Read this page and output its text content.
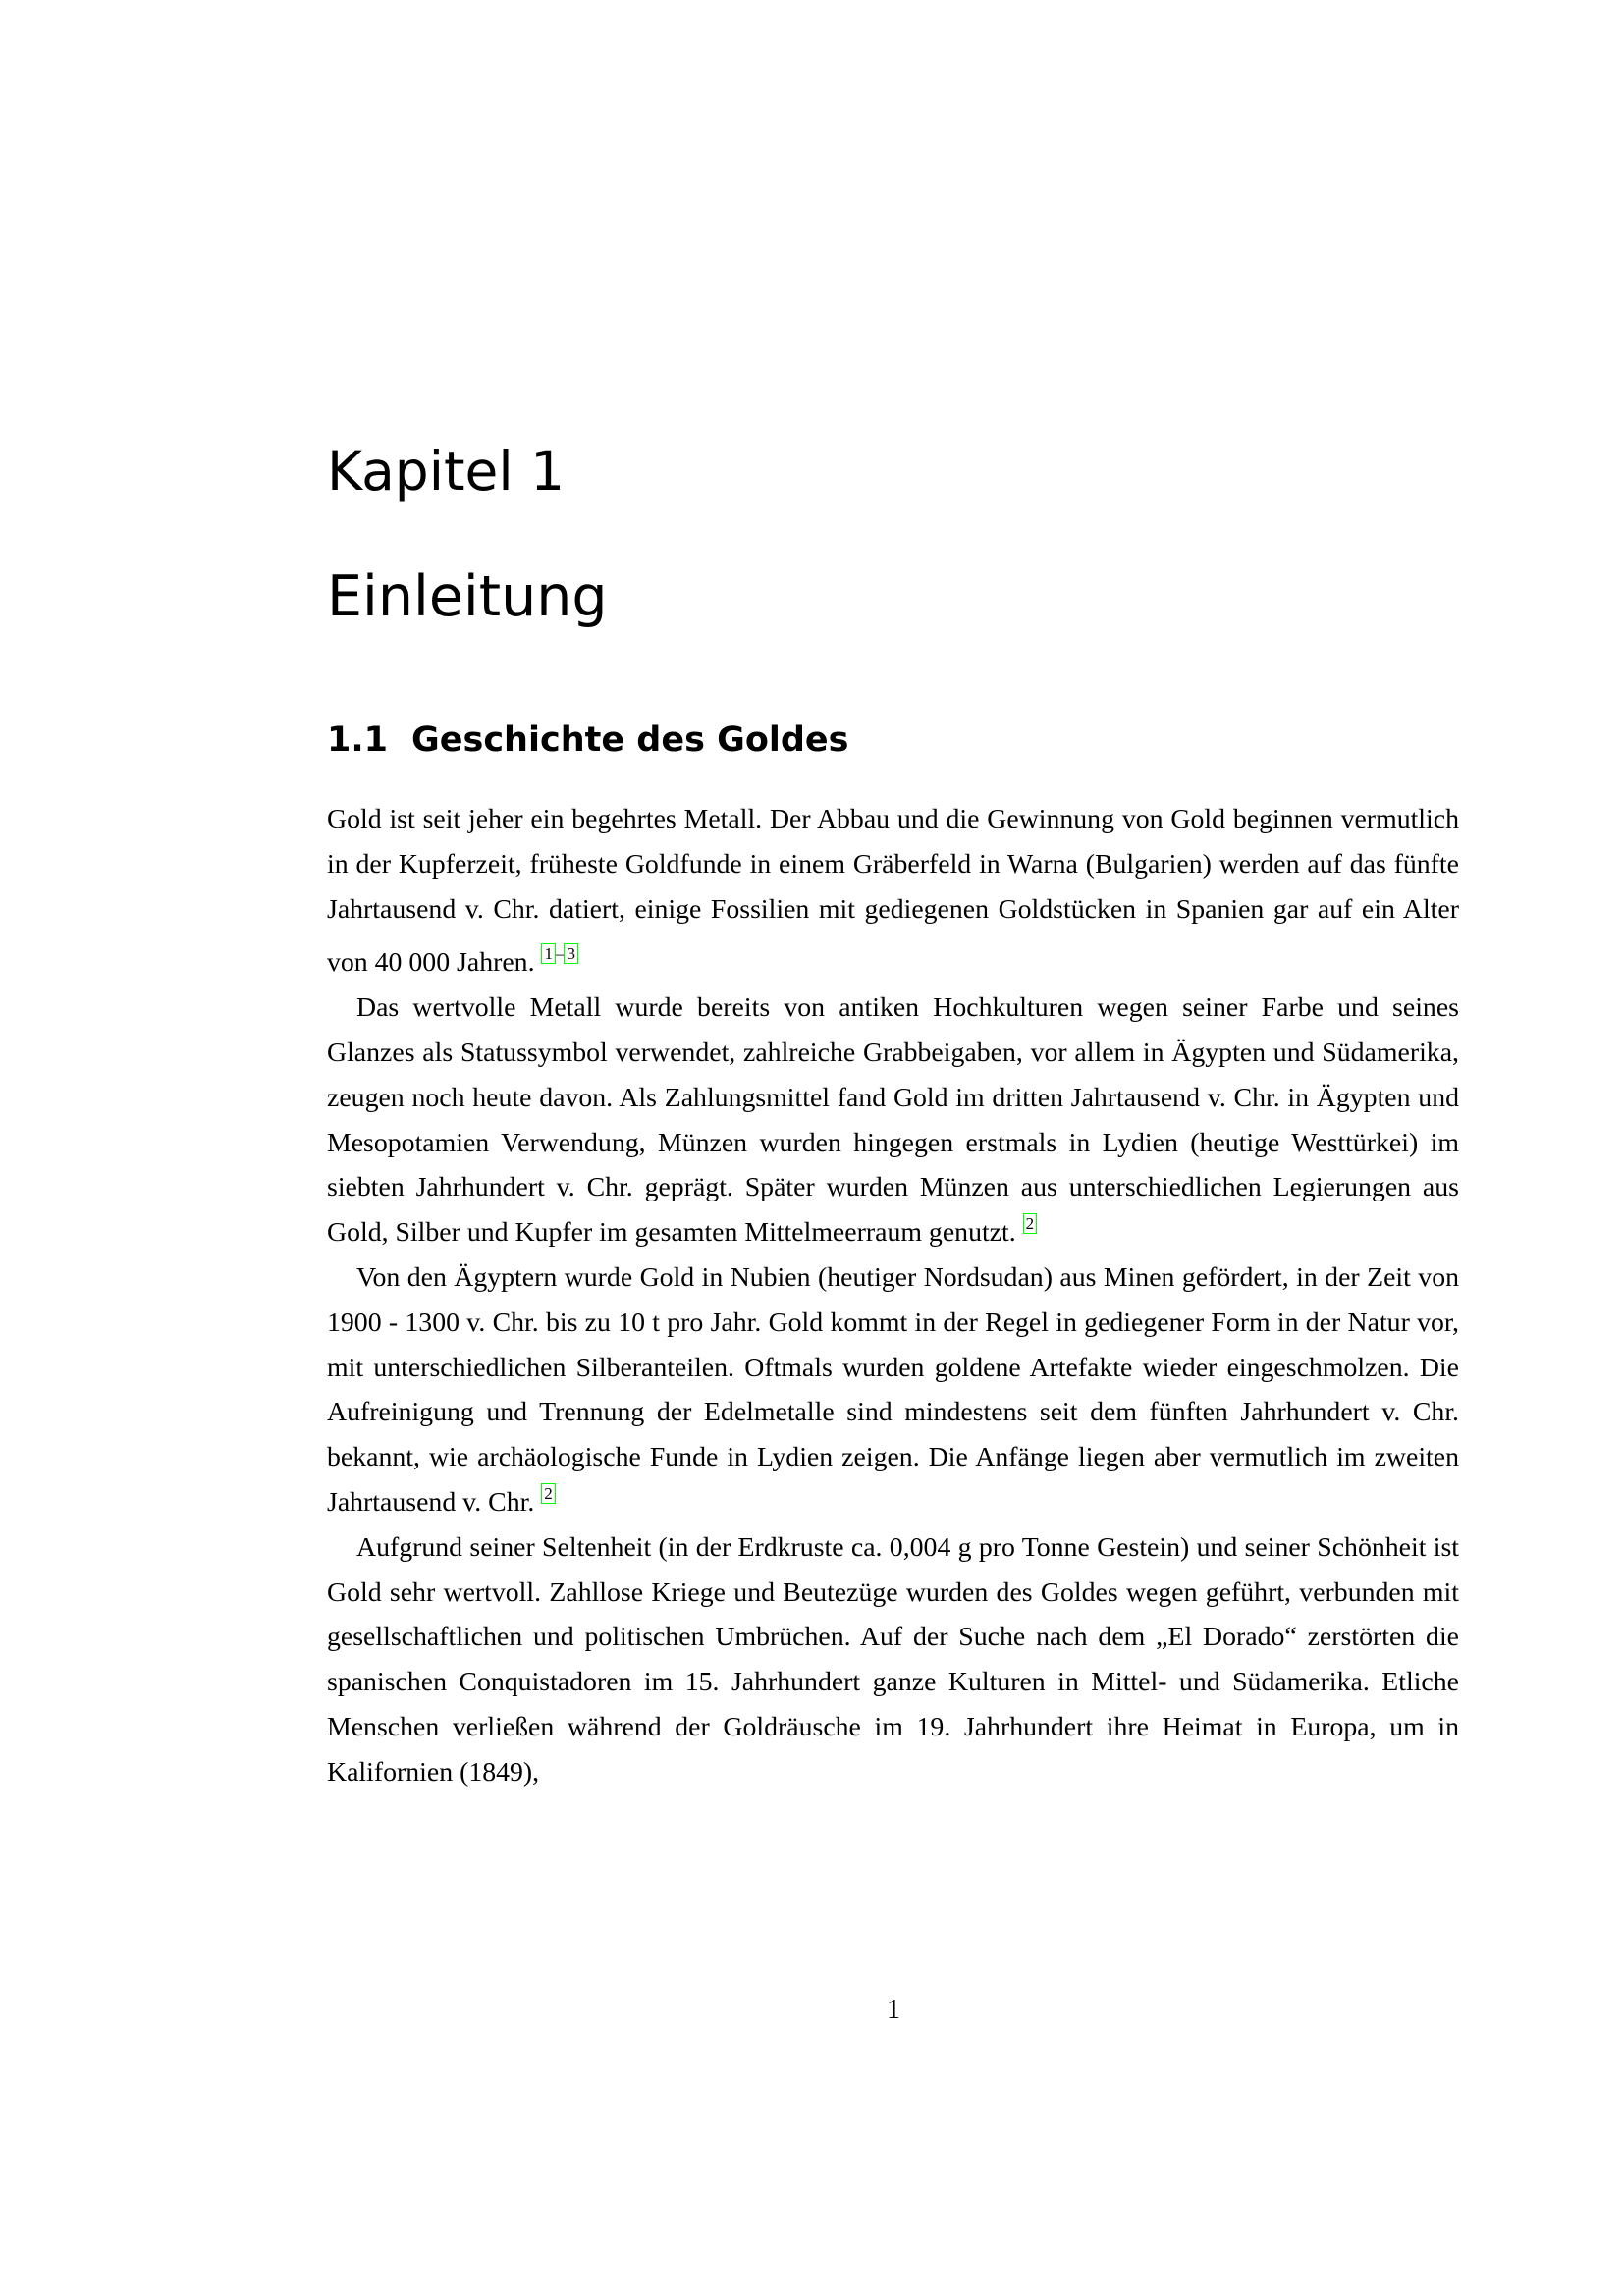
Kapitel 1
Einleitung
1.1 Geschichte des Goldes

Gold ist seit jeher ein begehrtes Metall. Der Abbau und die Gewinnung von Gold beginnen vermutlich in der Kupferzeit, früheste Goldfunde in einem Gräberfeld in Warna (Bulgarien) werden auf das fünfte Jahrtausend v. Chr. datiert, einige Fossilien mit gediegenen Goldstücken in Spanien gar auf ein Alter von 40 000 Jahren. 1 – 3

Das wertvolle Metall wurde bereits von antiken Hochkulturen wegen seiner Farbe und seines Glanzes als Statussymbol verwendet, zahlreiche Grabbeigaben, vor allem in Ägypten und Südamerika, zeugen noch heute davon. Als Zahlungsmittel fand Gold im dritten Jahrtausend v. Chr. in Ägypten und Mesopotamien Verwendung, Münzen wurden hingegen erstmals in Lydien (heutige Westtürkei) im siebten Jahrhundert v. Chr. geprägt. Später wurden Münzen aus unterschiedlichen Legierungen aus Gold, Silber und Kupfer im gesamten Mittelmeerraum genutzt. 2

Von den Ägyptern wurde Gold in Nubien (heutiger Nordsudan) aus Minen gefördert, in der Zeit von 1900 - 1300 v. Chr. bis zu 10 t pro Jahr. Gold kommt in der Regel in gediegener Form in der Natur vor, mit unterschiedlichen Silberanteilen. Oftmals wurden goldene Artefakte wieder eingeschmolzen. Die Aufreinigung und Trennung der Edelmetalle sind mindestens seit dem fünften Jahrhundert v. Chr. bekannt, wie archäologische Funde in Lydien zeigen. Die Anfänge liegen aber vermutlich im zweiten Jahrtausend v. Chr. 2

Aufgrund seiner Seltenheit (in der Erdkruste ca. 0,004 g pro Tonne Gestein) und seiner Schönheit ist Gold sehr wertvoll. Zahllose Kriege und Beutezüge wurden des Goldes wegen geführt, verbunden mit gesellschaftlichen und politischen Umbrüchen. Auf der Suche nach dem „El Dorado“ zerstörten die spanischen Conquistadoren im 15. Jahrhundert ganze Kulturen in Mittel- und Südamerika. Etliche Menschen verließen während der Goldräusche im 19. Jahrhundert ihre Heimat in Europa, um in Kalifornien (1849),

1
